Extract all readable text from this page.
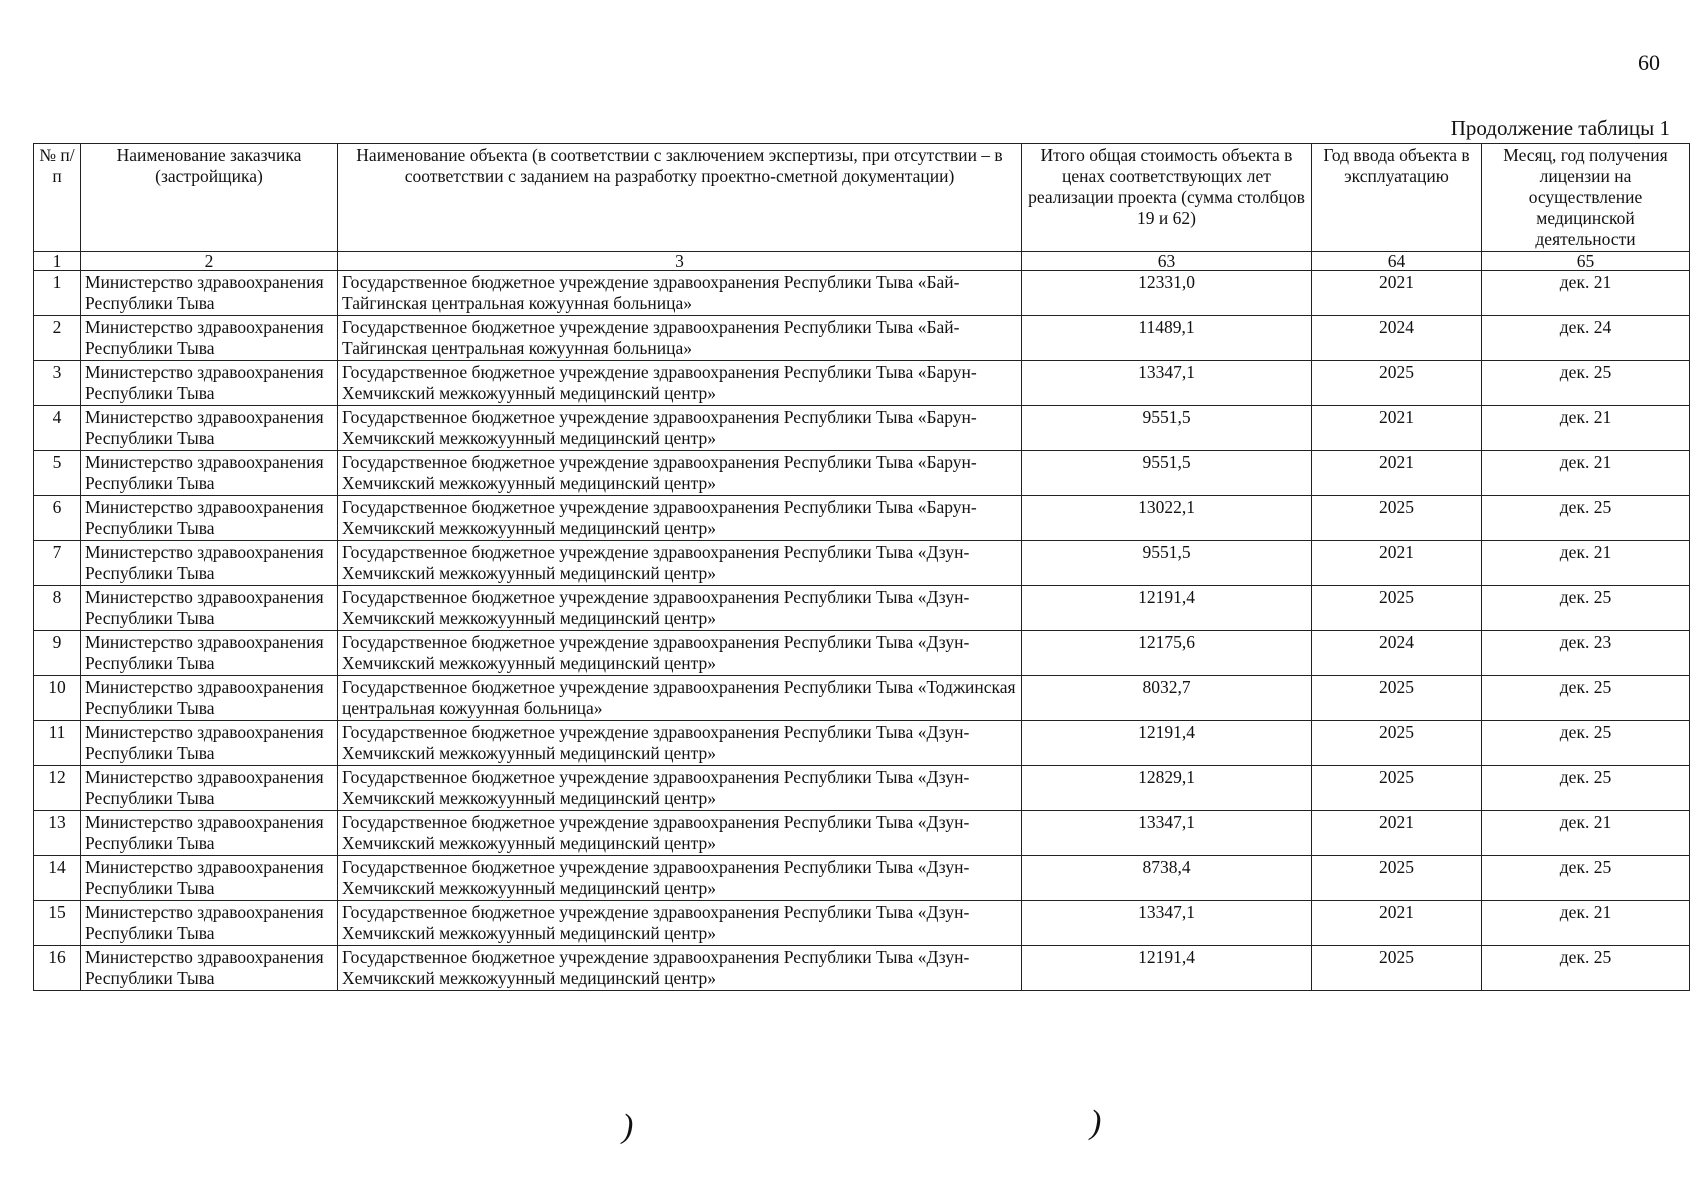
60
Продолжение таблицы 1
№ п/п	Наименование заказчика (застройщика)	Наименование объекта (в соответствии с заключением экспертизы, при отсутствии – в соответствии с заданием на разработку проектно-сметной документации)	Итого общая стоимость объекта в ценах соответствующих лет реализации проекта (сумма столбцов 19 и 62)	Год ввода объекта в эксплуатацию	Месяц, год получения лицензии на осуществление медицинской деятельности
1	2	3	63	64	65
1	Министерство здравоохранения Республики Тыва	Государственное бюджетное учреждение здравоохранения Республики Тыва «Бай-Тайгинская центральная кожуунная больница»	12331,0	2021	дек. 21
2	Министерство здравоохранения Республики Тыва	Государственное бюджетное учреждение здравоохранения Республики Тыва «Бай-Тайгинская центральная кожуунная больница»	11489,1	2024	дек. 24
3	Министерство здравоохранения Республики Тыва	Государственное бюджетное учреждение здравоохранения Республики Тыва «Барун-Хемчикский межкожуунный медицинский центр»	13347,1	2025	дек. 25
4	Министерство здравоохранения Республики Тыва	Государственное бюджетное учреждение здравоохранения Республики Тыва «Барун-Хемчикский межкожуунный медицинский центр»	9551,5	2021	дек. 21
5	Министерство здравоохранения Республики Тыва	Государственное бюджетное учреждение здравоохранения Республики Тыва «Барун-Хемчикский межкожуунный медицинский центр»	9551,5	2021	дек. 21
6	Министерство здравоохранения Республики Тыва	Государственное бюджетное учреждение здравоохранения Республики Тыва «Барун-Хемчикский межкожуунный медицинский центр»	13022,1	2025	дек. 25
7	Министерство здравоохранения Республики Тыва	Государственное бюджетное учреждение здравоохранения Республики Тыва «Дзун-Хемчикский межкожуунный медицинский центр»	9551,5	2021	дек. 21
8	Министерство здравоохранения Республики Тыва	Государственное бюджетное учреждение здравоохранения Республики Тыва «Дзун-Хемчикский межкожуунный медицинский центр»	12191,4	2025	дек. 25
9	Министерство здравоохранения Республики Тыва	Государственное бюджетное учреждение здравоохранения Республики Тыва «Дзун-Хемчикский межкожуунный медицинский центр»	12175,6	2024	дек. 23
10	Министерство здравоохранения Республики Тыва	Государственное бюджетное учреждение здравоохранения Республики Тыва «Тоджинская центральная кожуунная больница»	8032,7	2025	дек. 25
11	Министерство здравоохранения Республики Тыва	Государственное бюджетное учреждение здравоохранения Республики Тыва «Дзун-Хемчикский межкожуунный медицинский центр»	12191,4	2025	дек. 25
12	Министерство здравоохранения Республики Тыва	Государственное бюджетное учреждение здравоохранения Республики Тыва «Дзун-Хемчикский межкожуунный медицинский центр»	12829,1	2025	дек. 25
13	Министерство здравоохранения Республики Тыва	Государственное бюджетное учреждение здравоохранения Республики Тыва «Дзун-Хемчикский межкожуунный медицинский центр»	13347,1	2021	дек. 21
14	Министерство здравоохранения Республики Тыва	Государственное бюджетное учреждение здравоохранения Республики Тыва «Дзун-Хемчикский межкожуунный медицинский центр»	8738,4	2025	дек. 25
15	Министерство здравоохранения Республики Тыва	Государственное бюджетное учреждение здравоохранения Республики Тыва «Дзун-Хемчикский межкожуунный медицинский центр»	13347,1	2021	дек. 21
16	Министерство здравоохранения Республики Тыва	Государственное бюджетное учреждение здравоохранения Республики Тыва «Дзун-Хемчикский межкожуунный медицинский центр»	12191,4	2025	дек. 25
)	)
